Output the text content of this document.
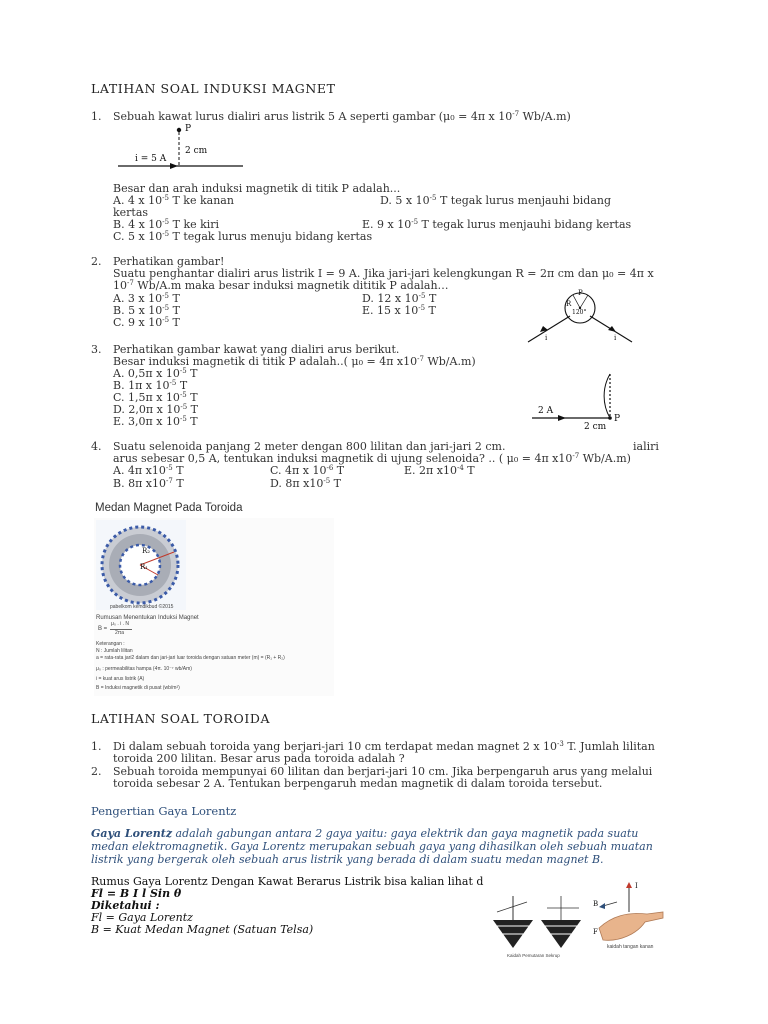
LATIHAN SOAL INDUKSI MAGNET
1. Sebuah kawat lurus dialiri arus listrik 5 A seperti gambar (μ₀ = 4π x $10^{-7}$ Wb/A.m)
P
2 cm
i = 5 A
Besar dan arah induksi magnetik di titik P adalah...
A. 4 x $10^{-5}$ T ke kanan	D. 5 x $10^{-5}$ T tegak lurus menjauhi bidang
kertas
B. 4 x $10^{-5}$ T ke kiri	E. 9 x $10^{-5}$ T tegak lurus menjauhi bidang kertas
C. 5 x $10^{-5}$ T tegak lurus menuju bidang kertas
2. Perhatikan gambar!
Suatu penghantar dialiri arus listrik I = 9 A. Jika jari-jari kelengkungan R = 2π cm dan μ₀ = 4π x
$10^{-7}$ Wb/A.m maka besar induksi magnetik dititik P adalah…
A. 3 x $10^{-5}$ T	D. 12 x $10^{-5}$ T
B. 5 x $10^{-5}$ T	E. 15 x $10^{-5}$ T
C. 9 x $10^{-5}$ T
P
R
120°
i	i
3. Perhatikan gambar kawat yang dialiri arus berikut.
Besar induksi magnetik di titik P adalah..( μ₀ = 4π $x10^{-7}$ Wb/A.m)
A. 0,5π x $10^{-5}$ T
B. 1π x $10^{-5}$ T
C. 1,5π x $10^{-5}$ T
D. 2,0π x $10^{-5}$ T
E. 3,0π x $10^{-5}$ T
2 A
P
2 cm
4. Suatu selenoida panjang 2 meter dengan 800 lilitan dan jari-jari 2 cm.	ialiri
arus sebesar 0,5 A, tentukan induksi magnetik di ujung selenoida? .. ( μ₀ = 4π $x10^{-7}$ Wb/A.m)
A. 4π $x10^{-5}$ T	C. 4π x $10^{-6}$ T	E. 2π $x10^{-4}$ T
B. 8π $x10^{-7}$ T	D. 8π $x10^{-5}$ T
Medan Magnet Pada Toroida
R₂
R₁
pabelkom kemdikbud ©2015
Rumusan Menentukan Induksi Magnet
B =
μ₀ . i . N
2πa
Keterangan :
N : Jumlah lilitan
a = rata-rata jari2 dalam dan jari-jari luar toroida dengan satuan meter (m) = (R₁ + R₂)
μ₀ : permeabilitas hampa (4π. 10⁻⁷ wb/Am)
i = kuat arus listrik (A)
B = Induksi magnetik di pusat (wb/m²)
LATIHAN SOAL TOROIDA
1. Di dalam sebuah toroida yang berjari-jari 10 cm terdapat medan magnet 2 x $10^{-3}$ T. Jumlah lilitan
toroida 200 lilitan. Besar arus pada toroida adalah ?
2. Sebuah toroida mempunyai 60 lilitan dan berjari-jari 10 cm. Jika berpengaruh arus yang melalui
toroida sebesar 2 A. Tentukan berpengaruh medan magnetik di dalam toroida tersebut.
Pengertian Gaya Lorentz
Gaya Lorentz adalah gabungan antara 2 gaya yaitu: gaya elektrik dan gaya magnetik pada suatu
medan elektromagnetik. Gaya Lorentz merupakan sebuah gaya yang dihasilkan oleh sebuah muatan
listrik yang bergerak oleh sebuah arus listrik yang berada di dalam suatu medan magnet B.
Rumus Gaya Lorentz Dengan Kawat Berarus Listrik bisa kalian lihat d
Fl = B I l Sin θ
Diketahui :
Fl = Gaya Lorentz
B = Kuat Medan Magnet (Satuan Telsa)
Kaidah Pemutaran Sekrup
kaidah tangan kanan
I
B
F
